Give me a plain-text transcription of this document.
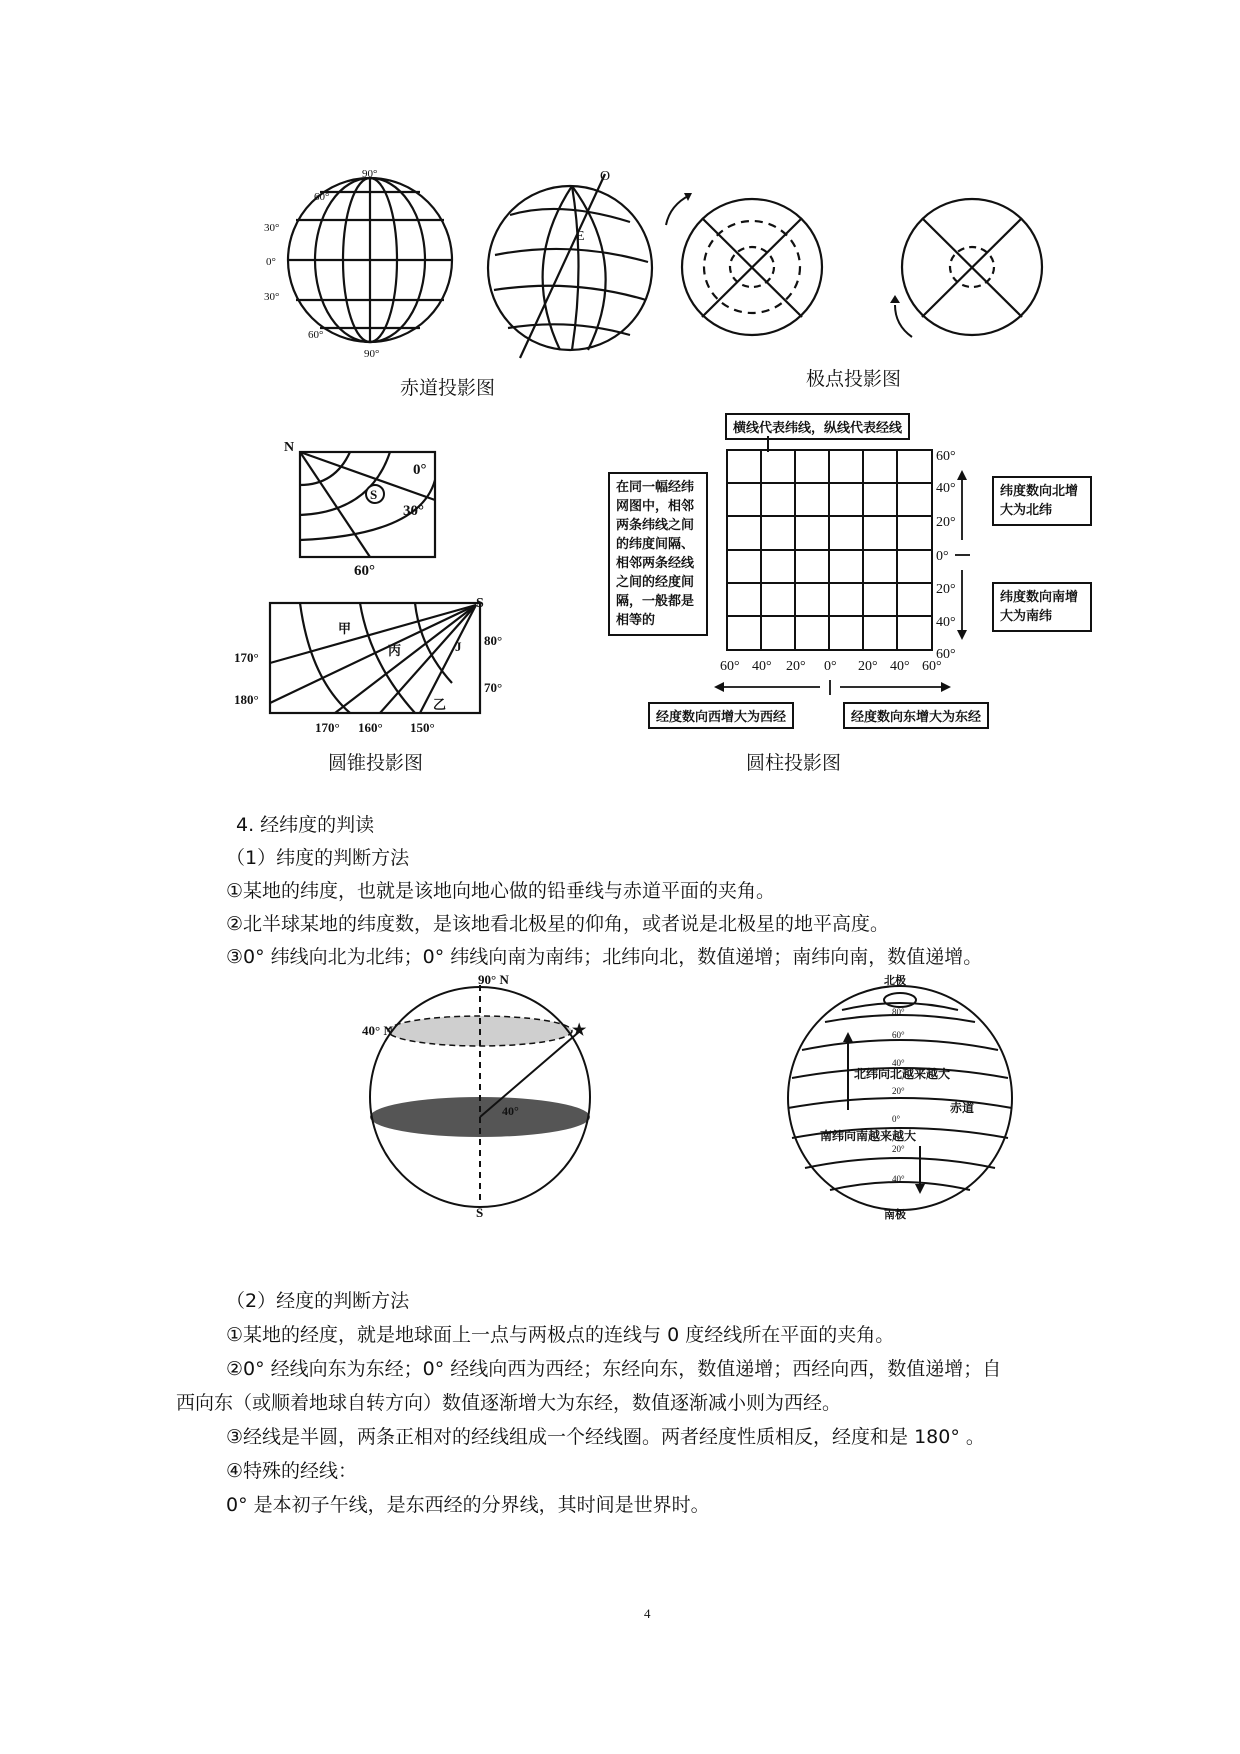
90°
60°
30°
0°
30°
60°
90°
O
E
赤道投影图	极点投影图
N
0°
30°
60°
S
S
170°
180°
80°
70°
170° 160° 150°
甲
丙	J
乙
圆锥投影图
横线代表纬线，纵线代表经线
在同一幅经纬网图中，相邻两条纬线之间的纬度间隔、相邻两条经线之间的经度间隔，一般都是相等的
60°
40°
20°
0°
20°
40°
60°
60° 40° 20° 0° 20° 40° 60°
纬度数向北增大为北纬
纬度数向南增大为南纬
经度数向西增大为西经	经度数向东增大为东经
圆柱投影图
4. 经纬度的判读
（1）纬度的判断方法
①某地的纬度，也就是该地向地心做的铅垂线与赤道平面的夹角。
②北半球某地的纬度数，是该地看北极星的仰角，或者说是北极星的地平高度。
③0° 纬线向北为北纬；0° 纬线向南为南纬；北纬向北，数值递增；南纬向南，数值递增。
★
90° N
40° N
40°
S
北极
南极
赤道
北纬向北越来越大
南纬向南越来越大
80°
60°
40°
20°
0°
20°
40°
（2）经度的判断方法
①某地的经度，就是地球面上一点与两极点的连线与 0 度经线所在平面的夹角。
②0° 经线向东为东经；0° 经线向西为西经；东经向东，数值递增；西经向西，数值递增；自
西向东（或顺着地球自转方向）数值逐渐增大为东经，数值逐渐减小则为西经。
③经线是半圆，两条正相对的经线组成一个经线圈。两者经度性质相反，经度和是 180° 。
④特殊的经线：
0° 是本初子午线，是东西经的分界线，其时间是世界时。
4
